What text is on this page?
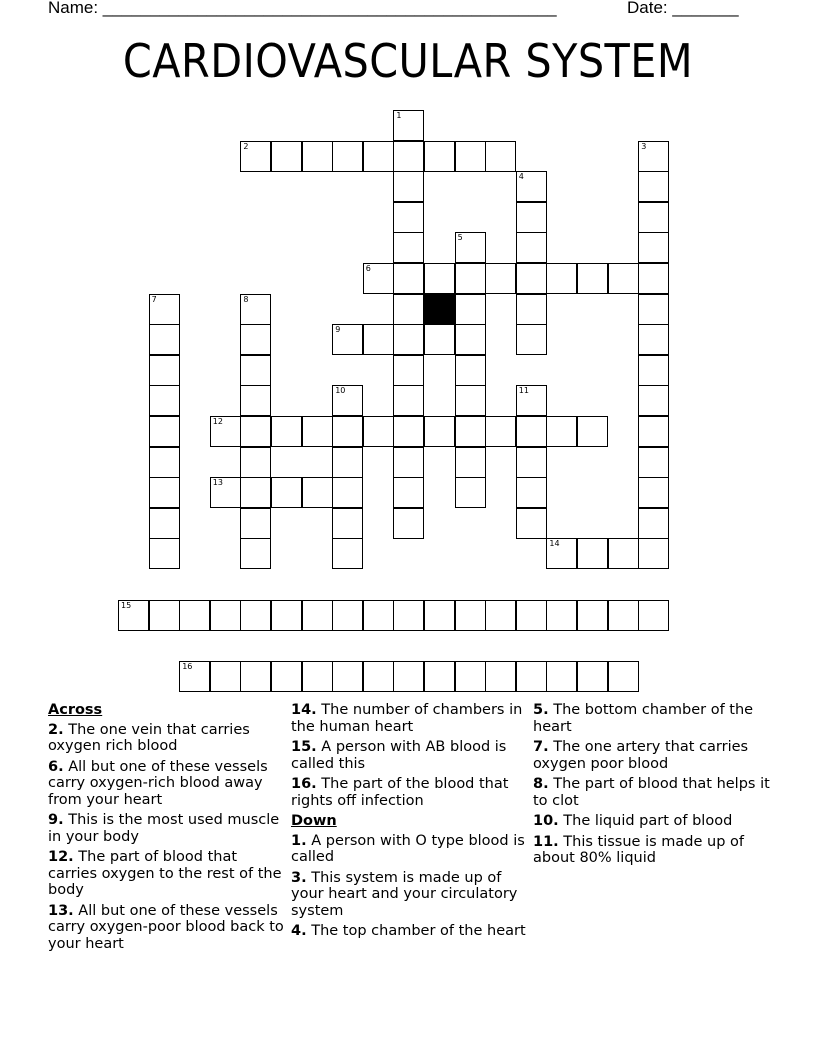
Name: ________________________________________________	Date: _______
CARDIOVASCULAR SYSTEM
1
2	3
4
5
6
7	8
9
10	11
12
13
14
15
16
Across
2. The one vein that carries oxygen rich blood
6. All but one of these vessels carry oxygen-rich blood away from your heart
9. This is the most used muscle in your body
12. The part of blood that carries oxygen to the rest of the body
13. All but one of these vessels carry oxygen-poor blood back to your heart
14. The number of chambers in the human heart
15. A person with AB blood is called this
16. The part of the blood that rights off infection
Down
1. A person with O type blood is called
3. This system is made up of your heart and your circulatory system
4. The top chamber of the heart
5. The bottom chamber of the heart
7. The one artery that carries oxygen poor blood
8. The part of blood that helps it to clot
10. The liquid part of blood
11. This tissue is made up of about 80% liquid
